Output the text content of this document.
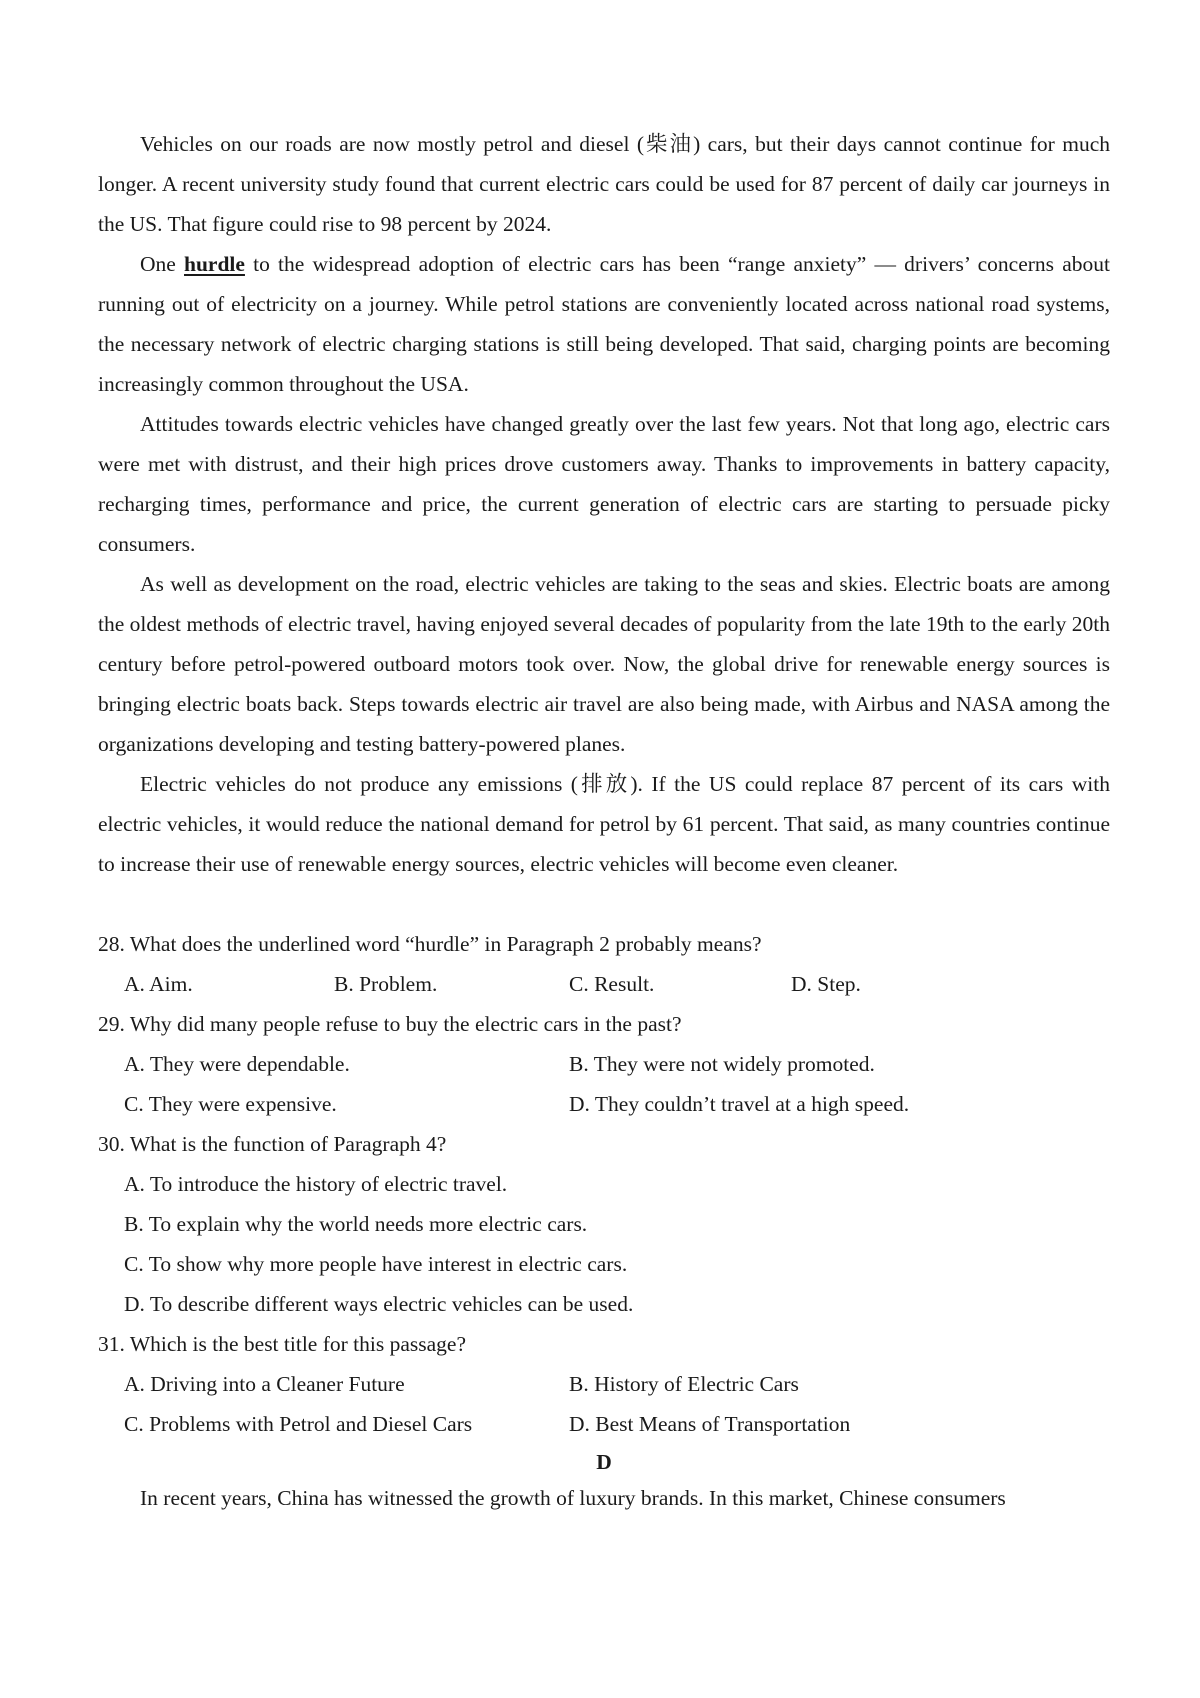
Vehicles on our roads are now mostly petrol and diesel (柴油) cars, but their days cannot continue for much longer. A recent university study found that current electric cars could be used for 87 percent of daily car journeys in the US. That figure could rise to 98 percent by 2024.

One hurdle to the widespread adoption of electric cars has been “range anxiety” — drivers’ concerns about running out of electricity on a journey. While petrol stations are conveniently located across national road systems, the necessary network of electric charging stations is still being developed. That said, charging points are becoming increasingly common throughout the USA.

Attitudes towards electric vehicles have changed greatly over the last few years. Not that long ago, electric cars were met with distrust, and their high prices drove customers away. Thanks to improvements in battery capacity, recharging times, performance and price, the current generation of electric cars are starting to persuade picky consumers.

As well as development on the road, electric vehicles are taking to the seas and skies. Electric boats are among the oldest methods of electric travel, having enjoyed several decades of popularity from the late 19th to the early 20th century before petrol-powered outboard motors took over. Now, the global drive for renewable energy sources is bringing electric boats back. Steps towards electric air travel are also being made, with Airbus and NASA among the organizations developing and testing battery-powered planes.

Electric vehicles do not produce any emissions (排放). If the US could replace 87 percent of its cars with electric vehicles, it would reduce the national demand for petrol by 61 percent. That said, as many countries continue to increase their use of renewable energy sources, electric vehicles will become even cleaner.

28. What does the underlined word “hurdle” in Paragraph 2 probably means?

A. Aim.	B. Problem.	C. Result.	D. Step.

29. Why did many people refuse to buy the electric cars in the past?

A. They were dependable.	B. They were not widely promoted.
C. They were expensive.	D. They couldn’t travel at a high speed.

30. What is the function of Paragraph 4?

A. To introduce the history of electric travel.
B. To explain why the world needs more electric cars.
C. To show why more people have interest in electric cars.
D. To describe different ways electric vehicles can be used.

31. Which is the best title for this passage?

A. Driving into a Cleaner Future	B. History of Electric Cars
C. Problems with Petrol and Diesel Cars	D. Best Means of Transportation

D

In recent years, China has witnessed the growth of luxury brands. In this market, Chinese consumers
